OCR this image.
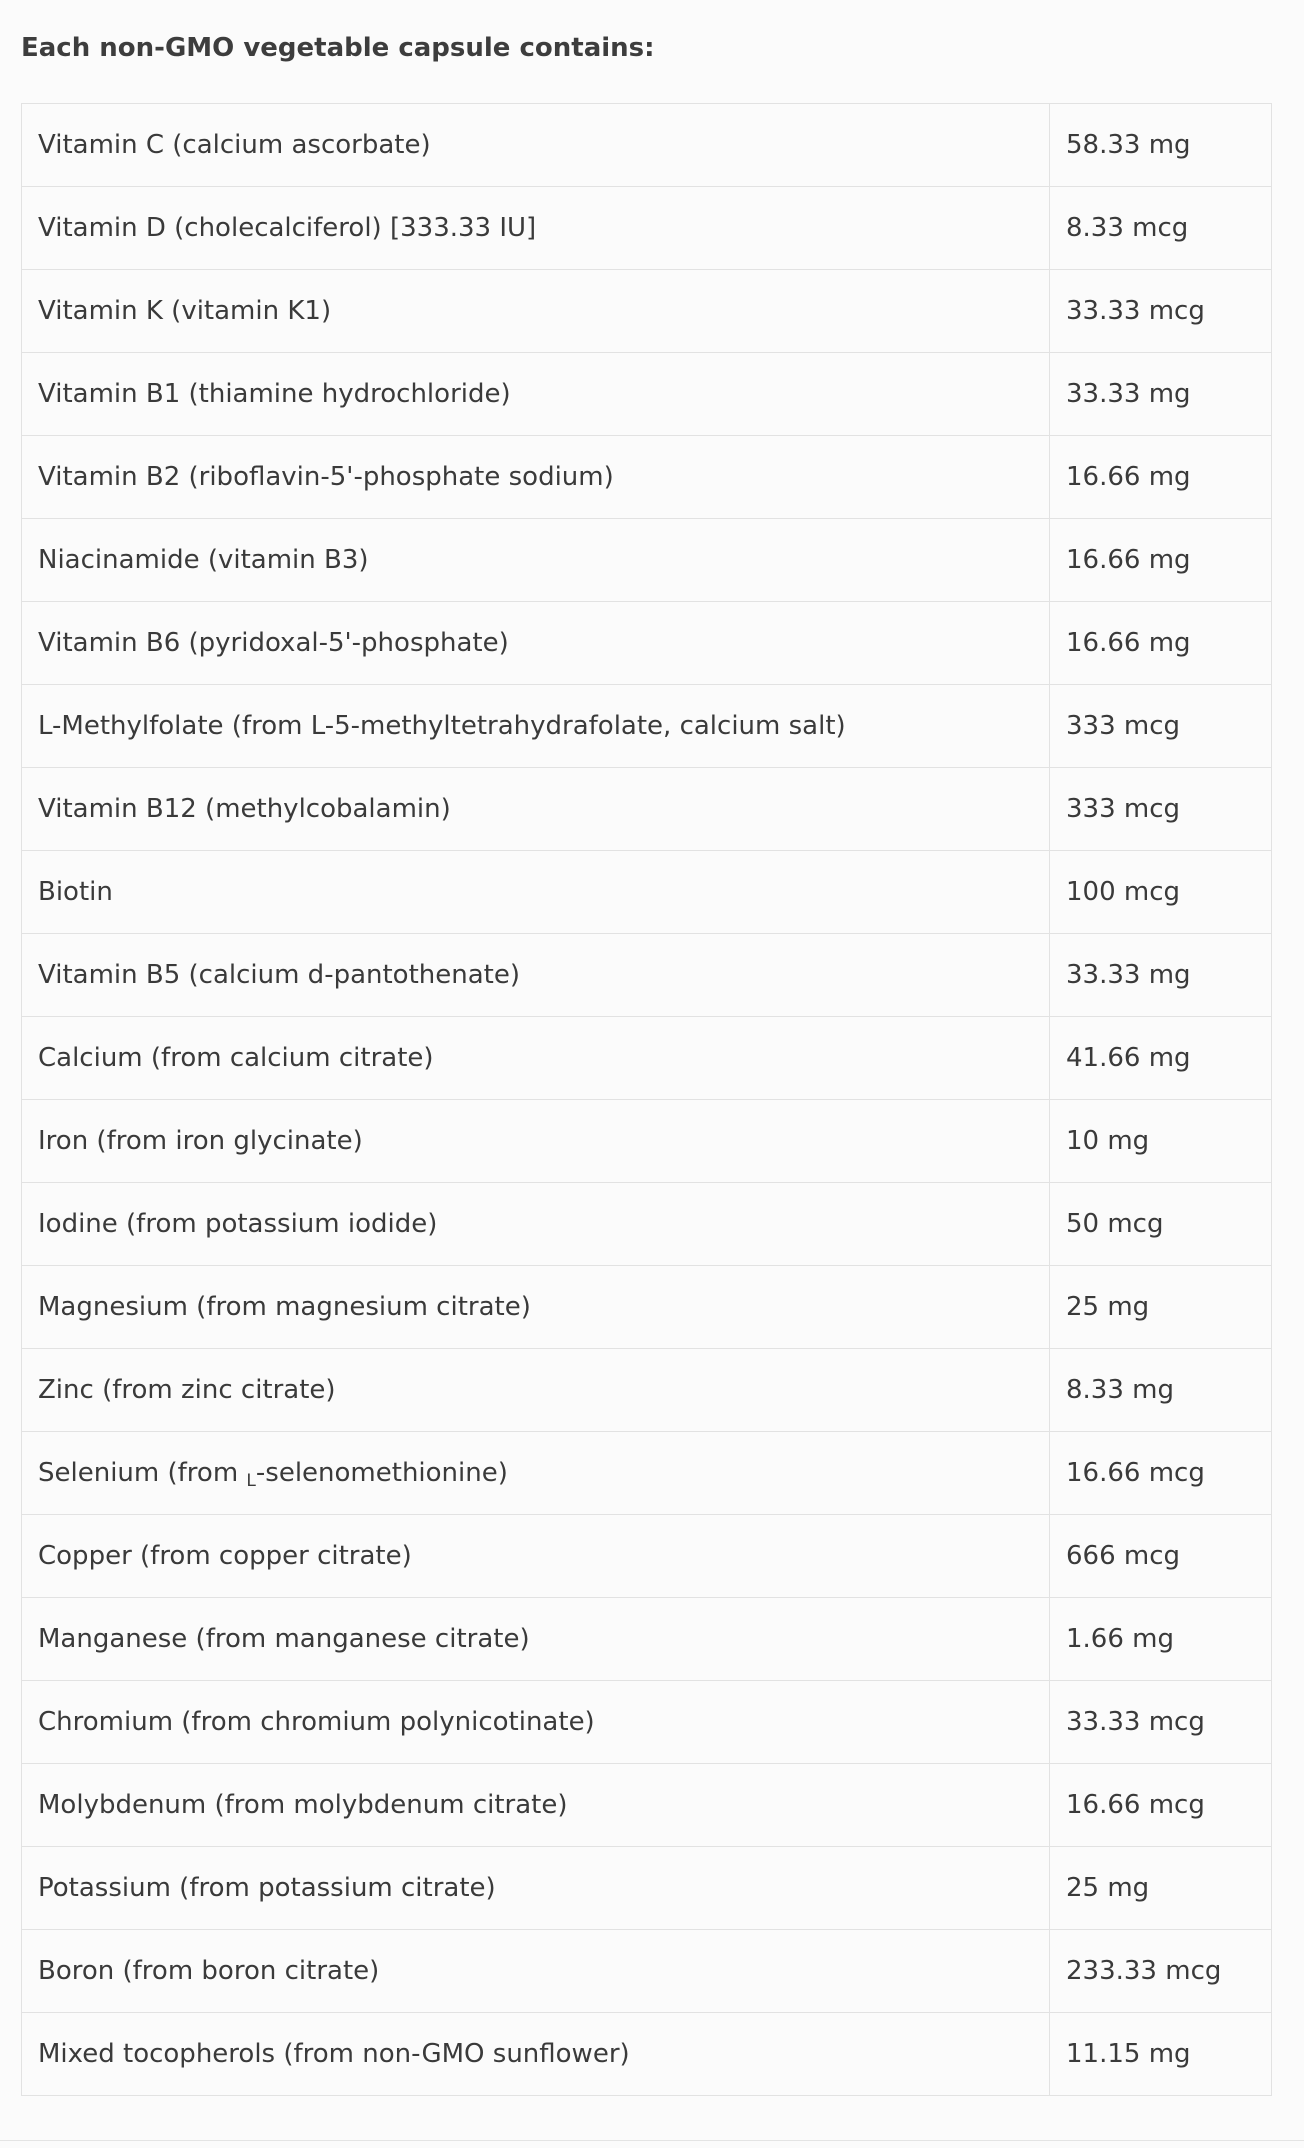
Each non-GMO vegetable capsule contains:
Vitamin C (calcium ascorbate)	58.33 mg
Vitamin D (cholecalciferol) [333.33 IU]	8.33 mcg
Vitamin K (vitamin K1)	33.33 mcg
Vitamin B1 (thiamine hydrochloride)	33.33 mg
Vitamin B2 (riboflavin-5'-phosphate sodium)	16.66 mg
Niacinamide (vitamin B3)	16.66 mg
Vitamin B6 (pyridoxal-5'-phosphate)	16.66 mg
L-Methylfolate (from L-5-methyltetrahydrafolate, calcium salt)	333 mcg
Vitamin B12 (methylcobalamin)	333 mcg
Biotin	100 mcg
Vitamin B5 (calcium d-pantothenate)	33.33 mg
Calcium (from calcium citrate)	41.66 mg
Iron (from iron glycinate)	10 mg
Iodine (from potassium iodide)	50 mcg
Magnesium (from magnesium citrate)	25 mg
Zinc (from zinc citrate)	8.33 mg
Selenium (from L-selenomethionine)	16.66 mcg
Copper (from copper citrate)	666 mcg
Manganese (from manganese citrate)	1.66 mg
Chromium (from chromium polynicotinate)	33.33 mcg
Molybdenum (from molybdenum citrate)	16.66 mcg
Potassium (from potassium citrate)	25 mg
Boron (from boron citrate)	233.33 mcg
Mixed tocopherols (from non-GMO sunflower)	11.15 mg
